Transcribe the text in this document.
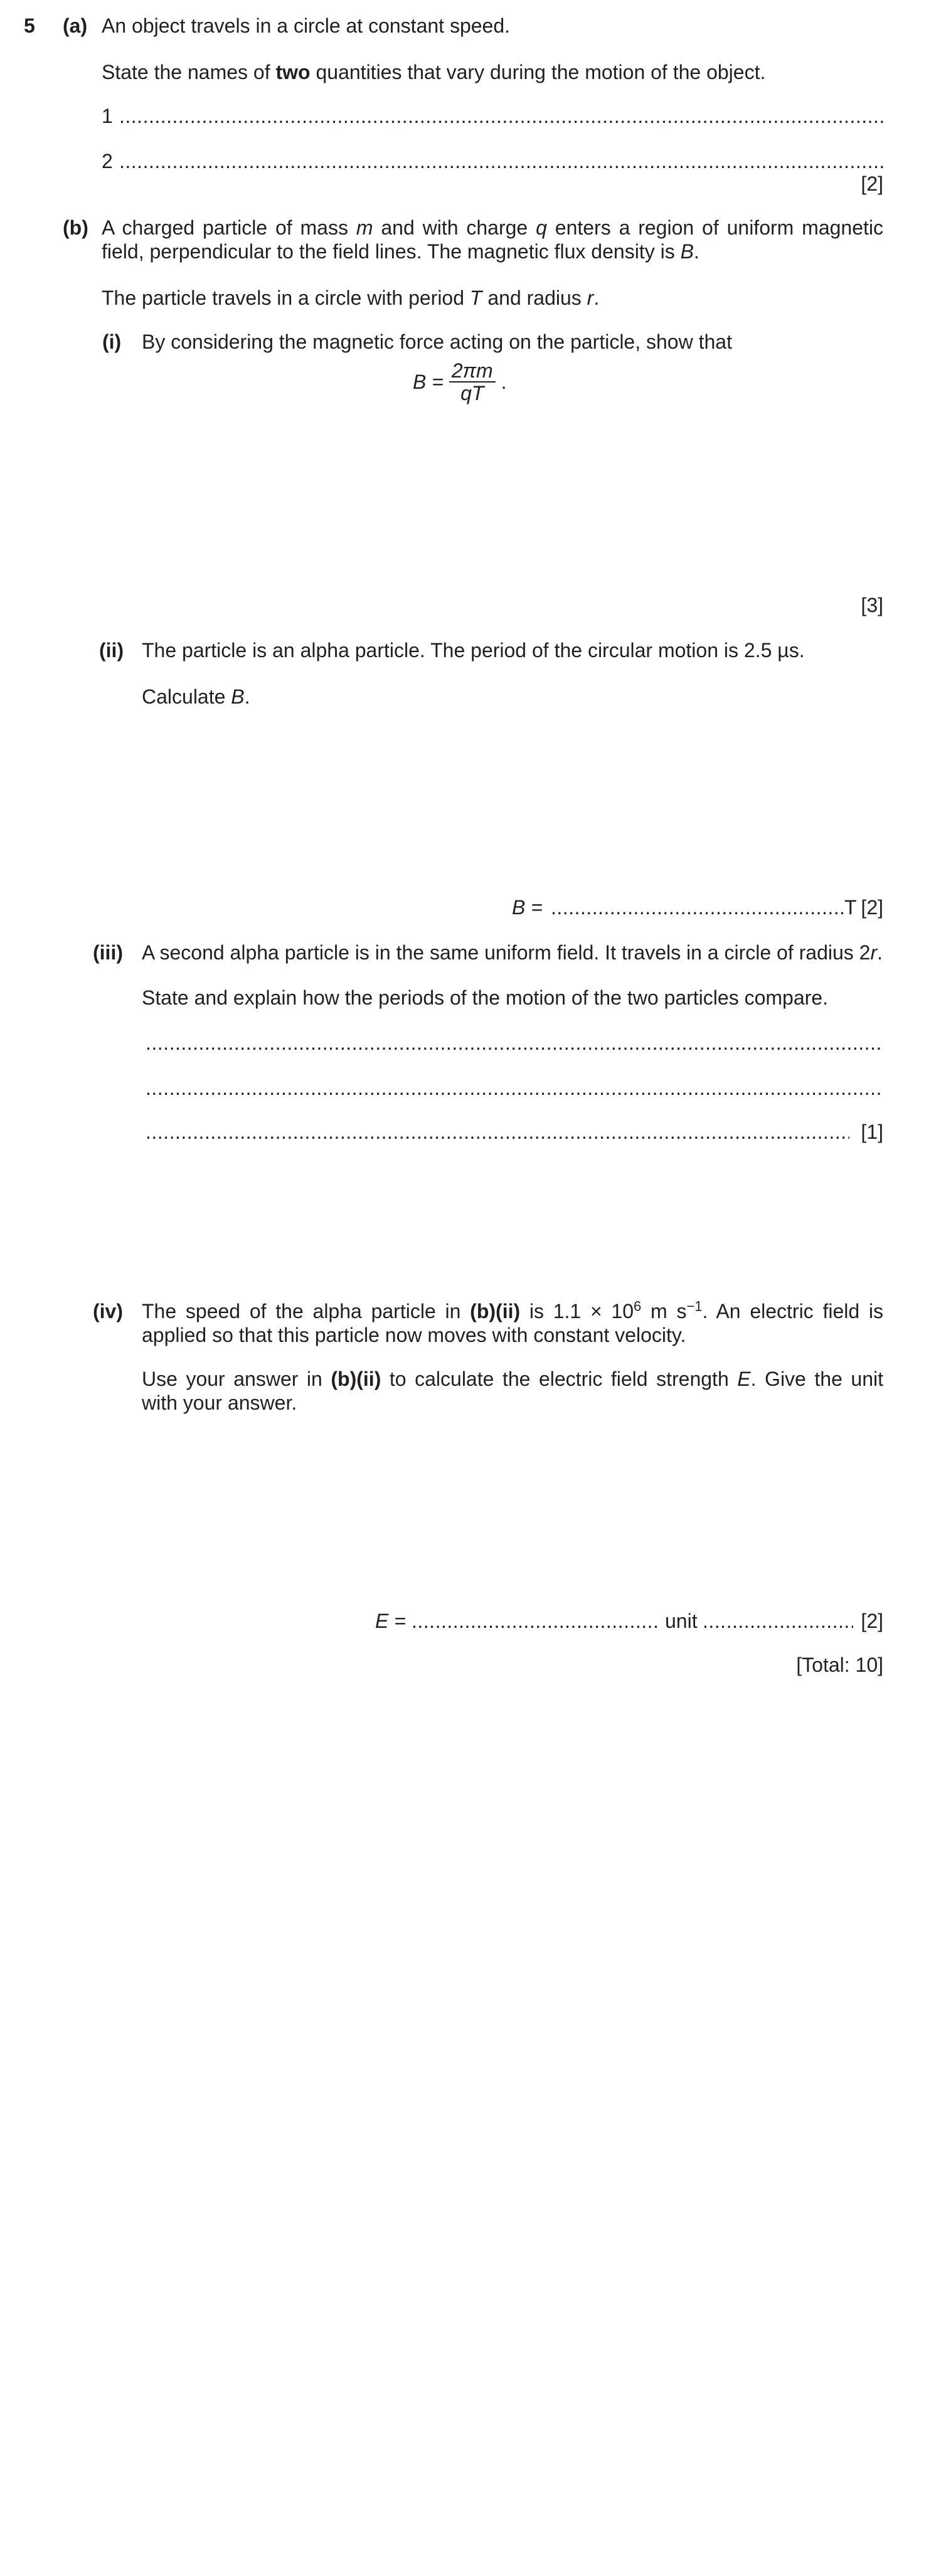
5 (a) An object travels in a circle at constant speed.
State the names of two quantities that vary during the motion of the object.
1
.....
2
.....
[2]
(b) A charged particle of mass m and with charge q enters a region of uniform magnetic field, perpendicular to the field lines. The magnetic flux density is B.
The particle travels in a circle with period T and radius r.
(i) By considering the magnetic force acting on the particle, show that
$B = \frac{2\pi m}{qT}$ .
[3]
(ii) The particle is an alpha particle. The period of the circular motion is 2.5 µs.
Calculate B.
B = .....	T [2]
(iii) A second alpha particle is in the same uniform field. It travels in a circle of radius 2r.
State and explain how the periods of the motion of the two particles compare.
.....
.....
.....
[1]
(iv) The speed of the alpha particle in (b)(ii) is $1.1 \times 10^6$ m $s^{-1}$. An electric field is applied so that this particle now moves with constant velocity.
Use your answer in (b)(ii) to calculate the electric field strength E. Give the unit with your answer.
E = .....	unit .....	[2]
[Total: 10]
